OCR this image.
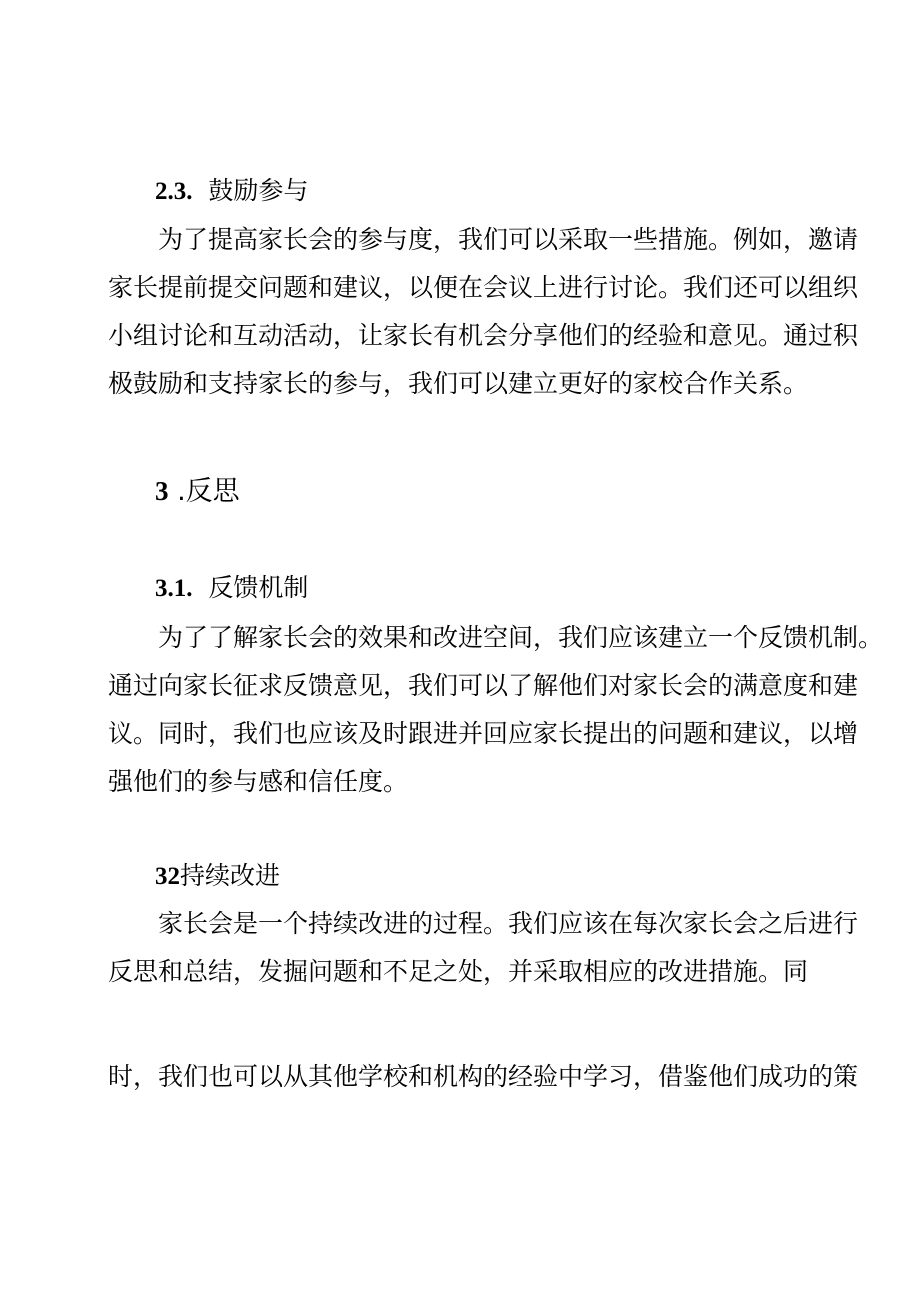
2.3. 鼓励参与
为了提高家长会的参与度，我们可以采取一些措施。例如，邀请
家长提前提交问题和建议，以便在会议上进行讨论。我们还可以组织
小组讨论和互动活动，让家长有机会分享他们的经验和意见。通过积
极鼓励和支持家长的参与，我们可以建立更好的家校合作关系。
3 .反思
3.1. 反馈机制
为了了解家长会的效果和改进空间，我们应该建立一个反馈机制。
通过向家长征求反馈意见，我们可以了解他们对家长会的满意度和建
议。同时，我们也应该及时跟进并回应家长提出的问题和建议，以增
强他们的参与感和信任度。
32持续改进
家长会是一个持续改进的过程。我们应该在每次家长会之后进行
反思和总结，发掘问题和不足之处，并采取相应的改进措施。同
时，我们也可以从其他学校和机构的经验中学习，借鉴他们成功的策
